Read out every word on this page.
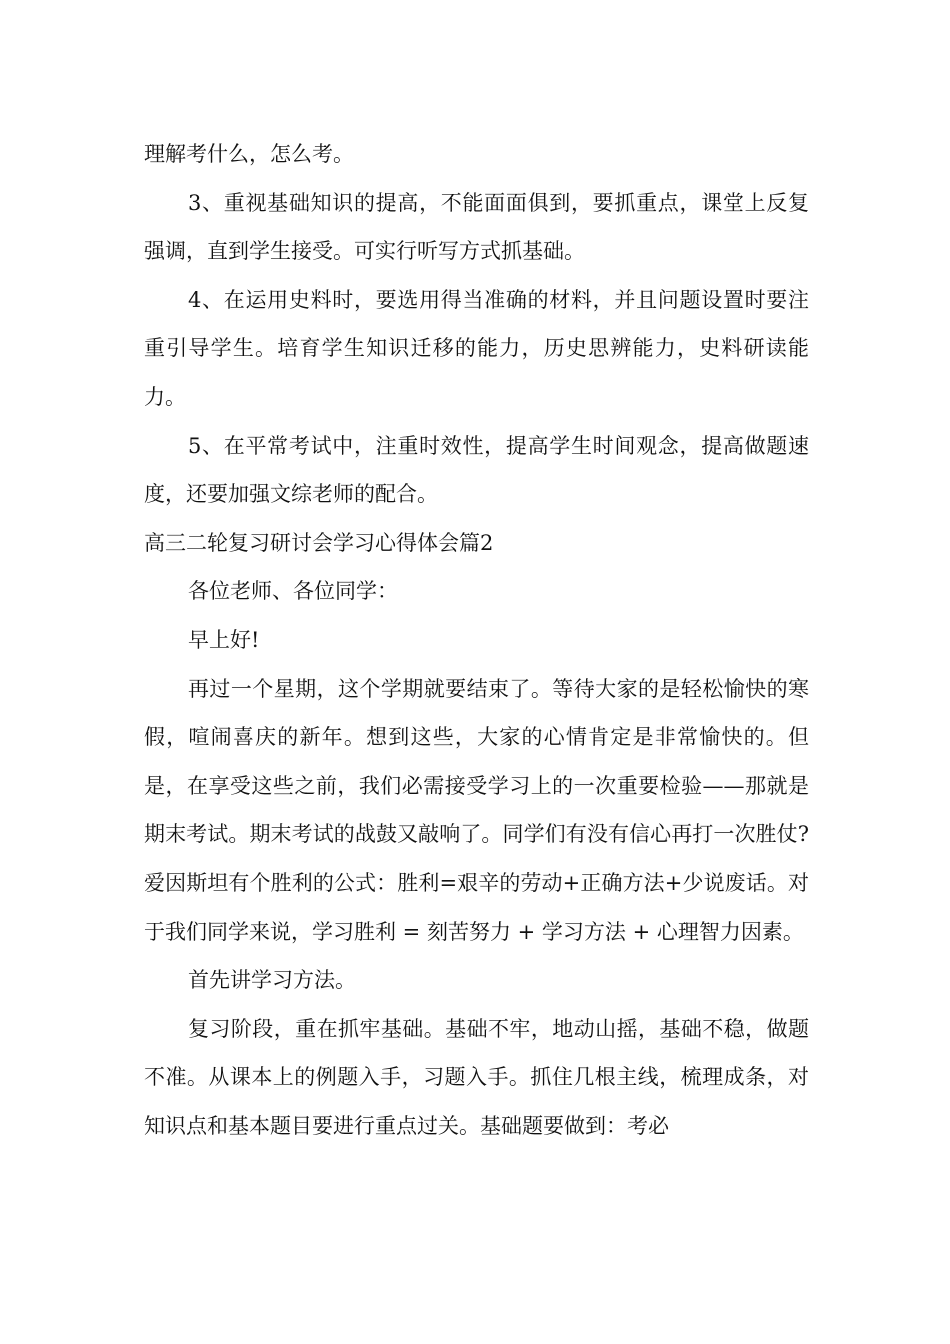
理解考什么，怎么考。

3、重视基础知识的提高，不能面面俱到，要抓重点，课堂上反复强调，直到学生接受。可实行听写方式抓基础。

4、在运用史料时，要选用得当准确的材料，并且问题设置时要注重引导学生。培育学生知识迁移的能力，历史思辨能力，史料研读能力。

5、在平常考试中，注重时效性，提高学生时间观念，提高做题速度，还要加强文综老师的配合。

高三二轮复习研讨会学习心得体会篇2

各位老师、各位同学：

早上好!

再过一个星期，这个学期就要结束了。等待大家的是轻松愉快的寒假，喧闹喜庆的新年。想到这些，大家的心情肯定是非常愉快的。但是，在享受这些之前，我们必需接受学习上的一次重要检验——那就是期末考试。期末考试的战鼓又敲响了。同学们有没有信心再打一次胜仗?爱因斯坦有个胜利的公式：胜利=艰辛的劳动+正确方法+少说废话。对于我们同学来说，学习胜利 = 刻苦努力 + 学习方法 + 心理智力因素。

首先讲学习方法。

复习阶段，重在抓牢基础。基础不牢，地动山摇，基础不稳，做题不准。从课本上的例题入手，习题入手。抓住几根主线，梳理成条，对知识点和基本题目要进行重点过关。基础题要做到：考必
